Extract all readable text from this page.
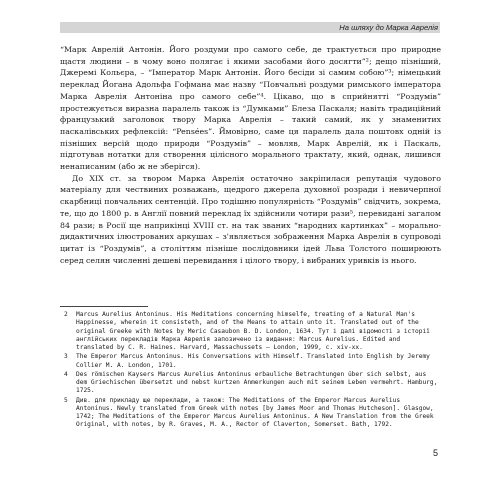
На шляху до Марка Аврелія

“Марк Аврелій Антонін. Його роздуми про самого себе, де трактується про природне щастя людини – в чому воно полягає і якими засобами його досягти”²; дещо пізніший, Джеремі Кольєра, – “Імператор Марк Антонін. Його бесіди зі самим собою”³; німецький переклад Йоганa Адольфа Гофмана має назву “Повчальні роздуми римського імператора Марка Аврелія Антоніна про самого себе”⁴. Цікаво, що в сприйнятті “Роздумів” простежується виразна паралель також із “Думками” Блеза Паскаля; навіть традиційний французький заголовок твору Марка Аврелія – такий самий, як у знаменитих паскалівських рефлексій: “Pensées”. Ймовірно, саме ця паралель дала поштовх одній із пізніших версій щодо природи “Роздумів” – мовляв, Марк Аврелій, як і Паскаль, підготував нотатки для створення цілісного морального трактату, який, однак, лишився ненаписаним (або ж не зберігся).

До XIX ст. за твором Марка Аврелія остаточно закріпилася репутація чудового матеріалу для чествиних розважань, щедрого джерела духовної розради і невичерпної скарбниці повчальних сентенцій. Про тодішню популярність “Роздумів” свідчить, зокрема, те, що до 1800 р. в Англії повний переклад їх здійснили чотири рази⁵, перевидані загалом 84 рази; в Росії ще наприкінці XVIII ст. на так званих “народних картинках” – морально-дидактичних ілюстрованих аркушах – з'являється зображення Марка Аврелія в супроводі цитат із “Роздумів”, а століттям пізніше послідовники ідей Льва Толстого поширюють серед селян численні дешеві перевидання і цілого твору, і вибраних уривків із нього.

2 Marcus Aurelius Antoninus. His Meditations concerning himselfe, treating of a Natural Man's Happinesse, wherein it consisteth, and of the Means to attain unto it. Translated out of the original Greeke with Notes by Meric Casaubon B. D. London, 1634. Тут і далі відомості з історії англійських перекладів Марка Аврелія запозичено із видання: Marcus Aurelius. Edited and translated by C. R. Haines. Harvard, Massachussets – London, 1999, c. xiv-xx.
3 The Emperor Marcus Antoninus. His Conversations with Himself. Translated into English by Jeremy Collier M. A. London, 1701.
4 Des römischen Kaysers Marcus Aurelius Antoninus erbauliche Betrachtungen über sich selbst, aus dem Griechischen übersetzt und nebst kurtzen Anmerkungen auch mit seinem Leben vermehrt. Hamburg, 1725.
5 Див. для прикладу ще переклади, а також: The Meditations of the Emperor Marcus Aurelius Antoninus. Newly translated from Greek with notes [by James Moor and Thomas Hutcheson]. Glasgow, 1742; The Meditations of the Emperor Marcus Aurelius Antoninus. A New Translation from the Greek Original, with notes, by R. Graves, M. A., Rector of Claverton, Somerset. Bath, 1792.
5
